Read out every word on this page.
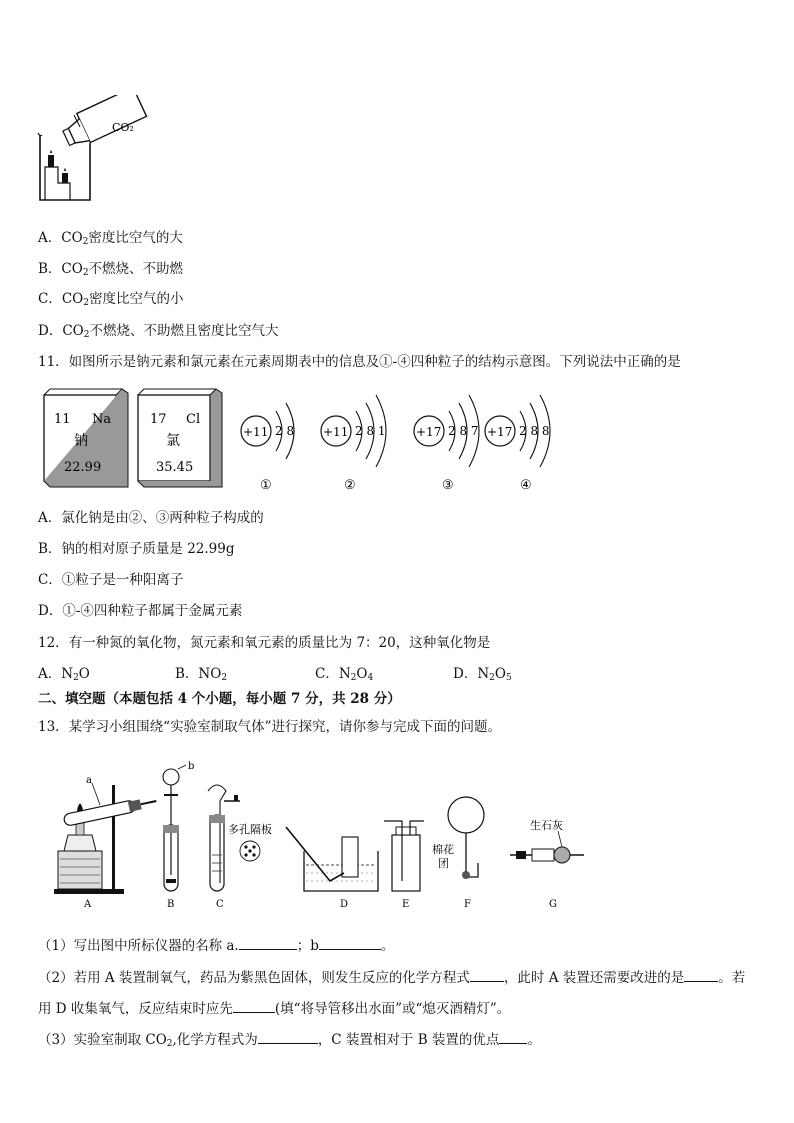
CO₂
A．$CO_2$密度比空气的大
B．$CO_2$不燃烧、不助燃
C．$CO_2$密度比空气的小
D．$CO_2$不燃烧、不助燃且密度比空气大
11．如图所示是钠元素和氯元素在元素周期表中的信息及①-④四种粒子的结构示意图。下列说法中正确的是
11 Na
钠
22.99
17 Cl
氯
35.45
+11 2 8
①
+11 2 8 1
②
+17 2 8 7
③
+17 2 8 8
④
A．氯化钠是由②、③两种粒子构成的
B．钠的相对原子质量是 22.99g
C．①粒子是一种阳离子
D．①-④四种粒子都属于金属元素
12．有一种氮的氧化物，氮元素和氧元素的质量比为 7：20，这种氧化物是
A．$N_2O$	B．$NO_2$	C．$N_2O_4$	D．$N_2O_5$
二、填空题（本题包括 4 个小题，每小题 7 分，共 28 分）
13．某学习小组围绕“实验室制取气体”进行探究，请你参与完成下面的问题。
a
A
b
B
多孔隔板
C	D	E
棉花
团
F
生石灰
G
（1）写出图中所标仪器的名称 a.	；b	。
（2）若用 A 装置制氧气，药品为紫黑色固体，则发生反应的化学方程式	，此时 A 装置还需要改进的是	。若
用 D 收集氧气，反应结束时应先	(填“将导管移出水面”或“熄灭酒精灯”。
（3）实验室制取 $CO_2$,化学方程式为	，C 装置相对于 B 装置的优点 。
